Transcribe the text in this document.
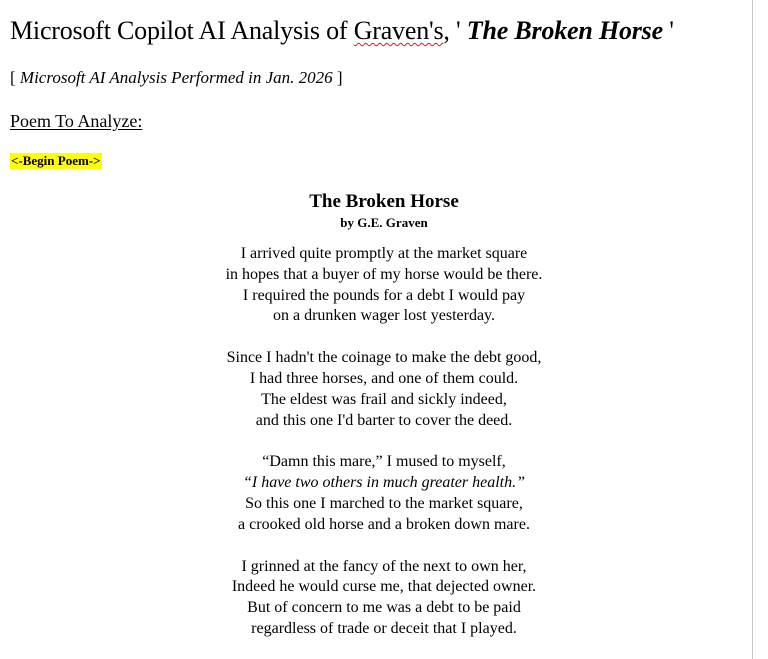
Microsoft Copilot AI Analysis of Graven's, ' The Broken Horse '
[ Microsoft AI Analysis Performed in Jan. 2026 ]
Poem To Analyze:
<-Begin Poem->
The Broken Horse
by G.E. Graven
I arrived quite promptly at the market square
in hopes that a buyer of my horse would be there.
I required the pounds for a debt I would pay
on a drunken wager lost yesterday.
Since I hadn't the coinage to make the debt good,
I had three horses, and one of them could.
The eldest was frail and sickly indeed,
and this one I'd barter to cover the deed.
“Damn this mare,” I mused to myself,
“I have two others in much greater health.”
So this one I marched to the market square,
a crooked old horse and a broken down mare.
I grinned at the fancy of the next to own her,
Indeed he would curse me, that dejected owner.
But of concern to me was a debt to be paid
regardless of trade or deceit that I played.
